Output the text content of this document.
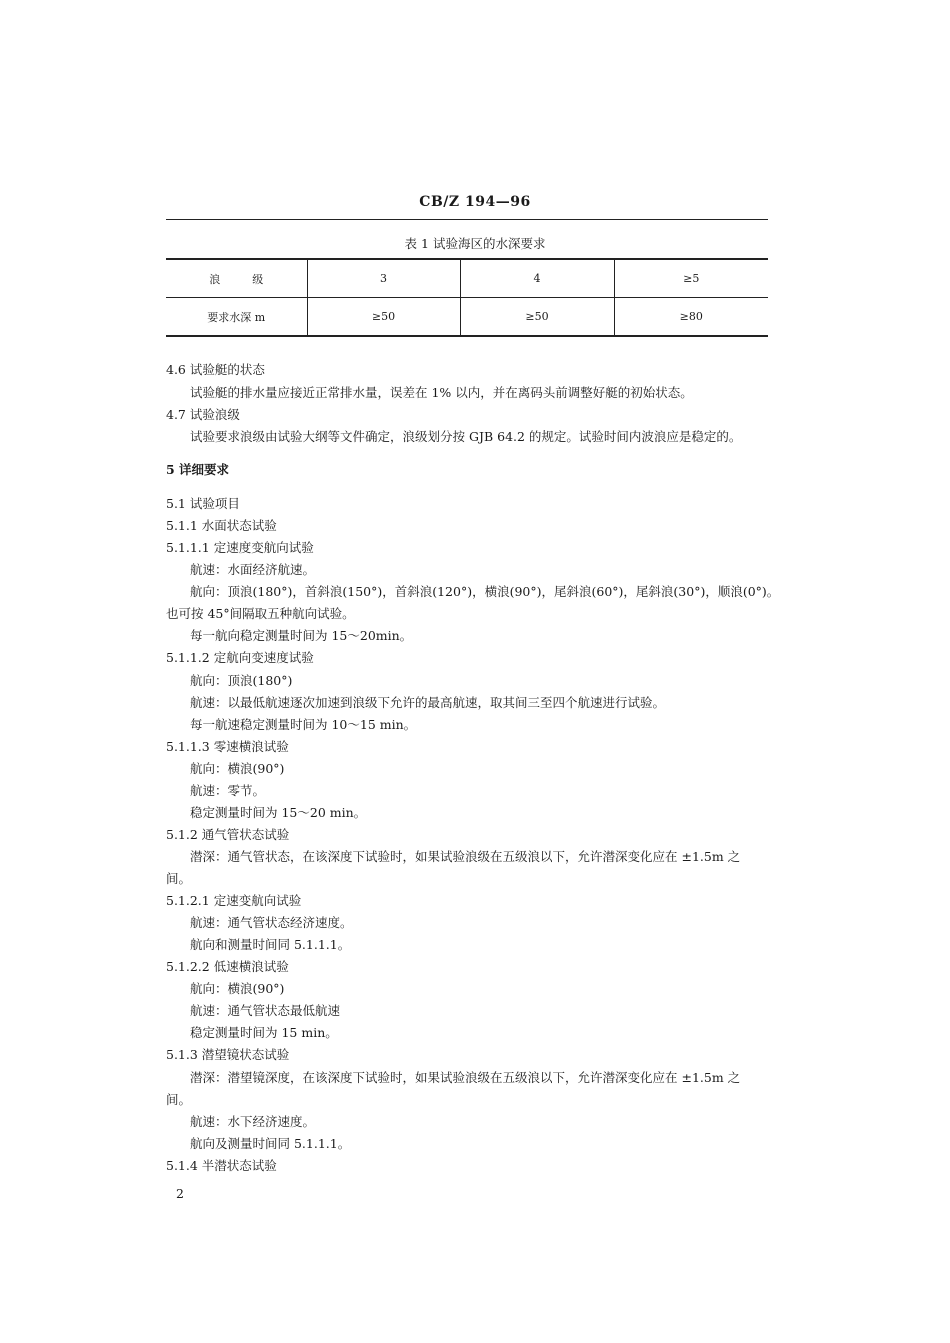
CB/Z 194—96
表 1 试验海区的水深要求
浪级	3	4	≥5
要求水深 m	≥50	≥50	≥80
4.6 试验艇的状态
试验艇的排水量应接近正常排水量，误差在 1% 以内，并在离码头前调整好艇的初始状态。
4.7 试验浪级
试验要求浪级由试验大纲等文件确定，浪级划分按 GJB 64.2 的规定。试验时间内波浪应是稳定的。
5 详细要求
5.1 试验项目
5.1.1 水面状态试验
5.1.1.1 定速度变航向试验
航速：水面经济航速。
航向：顶浪(180°)，首斜浪(150°)，首斜浪(120°)，横浪(90°)，尾斜浪(60°)，尾斜浪(30°)，顺浪(0°)。
也可按 45°间隔取五种航向试验。
每一航向稳定测量时间为 15～20min。
5.1.1.2 定航向变速度试验
航向：顶浪(180°)
航速：以最低航速逐次加速到浪级下允许的最高航速，取其间三至四个航速进行试验。
每一航速稳定测量时间为 10～15 min。
5.1.1.3 零速横浪试验
航向：横浪(90°)
航速：零节。
稳定测量时间为 15～20 min。
5.1.2 通气管状态试验
潜深：通气管状态，在该深度下试验时，如果试验浪级在五级浪以下，允许潜深变化应在 ±1.5m 之
间。
5.1.2.1 定速变航向试验
航速：通气管状态经济速度。
航向和测量时间同 5.1.1.1。
5.1.2.2 低速横浪试验
航向：横浪(90°)
航速：通气管状态最低航速
稳定测量时间为 15 min。
5.1.3 潜望镜状态试验
潜深：潜望镜深度，在该深度下试验时，如果试验浪级在五级浪以下，允许潜深变化应在 ±1.5m 之
间。
航速：水下经济速度。
航向及测量时间同 5.1.1.1。
5.1.4 半潜状态试验
2
